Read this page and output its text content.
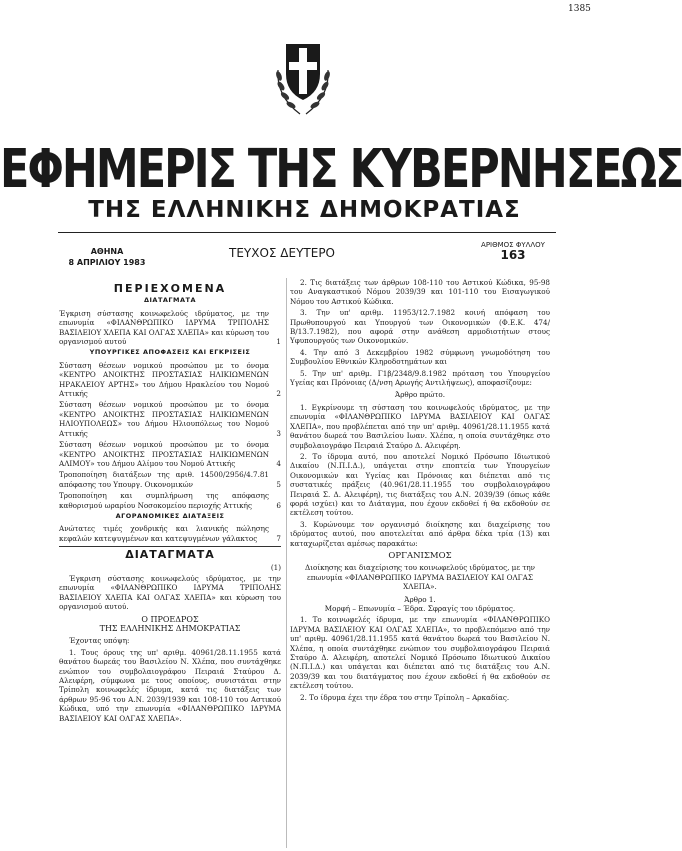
1385
ΕΦΗΜΕΡΙΣ ΤΗΣ ΚΥΒΕΡΝΗΣΕΩΣ
ΤΗΣ ΕΛΛΗΝΙΚΗΣ ΔΗΜΟΚΡΑΤΙΑΣ
ΑΘΗΝΑ
8 ΑΠΡΙΛΙΟΥ 1983
ΤΕΥΧΟΣ ΔΕΥΤΕΡΟ
ΑΡΙΘΜΟΣ ΦΥΛΛΟΥ
163
ΠΕΡΙΕΧΟΜΕΝΑ
ΔΙΑΤΑΓΜΑΤΑ
Έγκριση σύστασης κοινωφελούς ιδρύματος, με την επωνυμία «ΦΙΛΑΝΘΡΩΠΙΚΟ ΙΔΡΥΜΑ ΤΡΙΠΟΛΗΣ ΒΑΣΙΛΕΙΟΥ ΧΛΕΠΑ ΚΑΙ ΟΛΓΑΣ ΧΛΕΠΑ» και κύρωση του οργανισμού αυτού	1
ΥΠΟΥΡΓΙΚΕΣ ΑΠΟΦΑΣΕΙΣ ΚΑΙ ΕΓΚΡΙΣΕΙΣ
Σύσταση θέσεων νομικού προσώπου με το όνομα «ΚΕΝΤΡΟ ΑΝΟΙΚΤΗΣ ΠΡΟΣΤΑΣΙΑΣ ΗΛΙΚΙΩΜΕΝΩΝ ΗΡΑΚΛΕΙΟΥ ΑΡΤΗΣ» του Δήμου Ηρακλείου του Νομού Αττικής	2
Σύσταση θέσεων νομικού προσώπου με το όνομα «ΚΕΝΤΡΟ ΑΝΟΙΚΤΗΣ ΠΡΟΣΤΑΣΙΑΣ ΗΛΙΚΙΩΜΕΝΩΝ ΗΛΙΟΥΠΟΛΕΩΣ» του Δήμου Ηλιουπόλεως του Νομού Αττικής	3
Σύσταση θέσεων νομικού προσώπου με το όνομα «ΚΕΝΤΡΟ ΑΝΟΙΚΤΗΣ ΠΡΟΣΤΑΣΙΑΣ ΗΛΙΚΙΩΜΕΝΩΝ ΑΛΙΜΟΥ» του Δήμου Αλίμου του Νομού Αττικής	4
Τροποποίηση διατάξεων της αριθ. 14500/2956/4.7.81 απόφασης του Υπουργ. Οικονομικών	5
Τροποποίηση και συμπλήρωση της απόφασης καθορισμού ωραρίου Νοσοκομείου περιοχής Αττικής	6
ΑΓΟΡΑΝΟΜΙΚΕΣ ΔΙΑΤΑΞΕΙΣ
Ανώτατες τιμές χονδρικής και λιανικής πώλησης κεφαλών κατεψυγμένων και κατεψυγμένων γάλακτος	7
ΔΙΑΤΑΓΜΑΤΑ
(1)
Έγκριση σύστασης κοινωφελούς ιδρύματος, με την επωνυμία «ΦΙΛΑΝΘΡΩΠΙΚΟ ΙΔΡΥΜΑ ΤΡΙΠΟΛΗΣ ΒΑΣΙΛΕΙΟΥ ΧΛΕΠΑ ΚΑΙ ΟΛΓΑΣ ΧΛΕΠΑ» και κύρωση του οργανισμού αυτού.
Ο ΠΡΟΕΔΡΟΣ
ΤΗΣ ΕΛΛΗΝΙΚΗΣ ΔΗΜΟΚΡΑΤΙΑΣ
Έχοντας υπόψη:
1. Τους όρους της υπ' αριθμ. 40961/28.11.1955 κατά θανάτου δωρεάς του Βασιλείου Ν. Χλέπα, που συντάχθηκε ενώπιον του συμβολαιογράφου Πειραιά Σταύρου Δ. Αλειφέρη, σύμφωνα με τους οποίους, συνιστάται στην Τρίπολη κοινωφελές ίδρυμα, κατά τις διατάξεις των άρθρων 95-96 του Α.Ν. 2039/1939 και 108-110 του Αστικού Κώδικα, υπό την επωνυμία «ΦΙΛΑΝΘΡΩΠΙΚΟ ΙΔΡΥΜΑ ΒΑΣΙΛΕΙΟΥ ΚΑΙ ΟΛΓΑΣ ΧΛΕΠΑ».
2. Τις διατάξεις των άρθρων 108-110 του Αστικού Κώδικα, 95-98 του Αναγκαστικού Νόμου 2039/39 και 101-110 του Εισαγωγικού Νόμου του Αστικού Κώδικα.
3. Την υπ' αριθμ. 11953/12.7.1982 κοινή απόφαση του Πρωθυπουργού και Υπουργού των Οικονομικών (Φ.Ε.Κ. 474/Β/13.7.1982), που αφορά στην ανάθεση αρμοδιοτήτων στους Υφυπουργούς των Οικονομικών.
4. Την από 3 Δεκεμβρίου 1982 σύμφωνη γνωμοδότηση του Συμβουλίου Εθνικών Κληροδοτημάτων και
5. Την υπ' αριθμ. Γ1β/2348/9.8.1982 πρόταση του Υπουργείου Υγείας και Πρόνοιας (Δ/νση Αρωγής Αντιλήψεως), αποφασίζουμε:
Άρθρο πρώτο.
1. Εγκρίνουμε τη σύσταση του κοινωφελούς ιδρύματος, με την επωνυμία «ΦΙΛΑΝΘΡΩΠΙΚΟ ΙΔΡΥΜΑ ΒΑΣΙΛΕΙΟΥ ΚΑΙ ΟΛΓΑΣ ΧΛΕΠΑ», που προβλέπεται από την υπ' αριθμ. 40961/28.11.1955 κατά θανάτου δωρεά του Βασιλείου Ιωαν. Χλέπα, η οποία συντάχθηκε στο συμβολαιογράφο Πειραιά Σταύρο Δ. Αλειφέρη.
2. Το ίδρυμα αυτό, που αποτελεί Νομικό Πρόσωπο Ιδιωτικού Δικαίου (Ν.Π.Ι.Δ.), υπάγεται στην εποπτεία των Υπουργείων Οικονομικών και Υγείας και Πρόνοιας και διέπεται από τις συστατικές πράξεις (40.961/28.11.1955 του συμβολαιογράφου Πειραιά Σ. Δ. Αλειφέρη), τις διατάξεις του Α.Ν. 2039/39 (όπως κάθε φορά ισχύει) και το Διάταγμα, που έχουν εκδοθεί ή θα εκδοθούν σε εκτέλεση τούτου.
3. Κυρώνουμε τον οργανισμό διοίκησης και διαχείρισης του ιδρύματος αυτού, που αποτελείται από άρθρα δέκα τρία (13) και καταχωρίζεται αμέσως παρακάτω:
ΟΡΓΑΝΙΣΜΟΣ
Διοίκησης και διαχείρισης του κοινωφελούς ιδρύματος, με την επωνυμία «ΦΙΛΑΝΘΡΩΠΙΚΟ ΙΔΡΥΜΑ ΒΑΣΙΛΕΙΟΥ ΚΑΙ ΟΛΓΑΣ ΧΛΕΠΑ».
Άρθρο 1.
Μορφή – Επωνυμία – Έδρα. Σφραγίς του ιδρύματος.
1. Το κοινωφελές ίδρυμα, με την επωνυμία «ΦΙΛΑΝΘΡΩΠΙΚΟ ΙΔΡΥΜΑ ΒΑΣΙΛΕΙΟΥ ΚΑΙ ΟΛΓΑΣ ΧΛΕΠΑ», το προβλεπόμενο από την υπ' αριθμ. 40961/28.11.1955 κατά θανάτου δωρεά του Βασιλείου Ν. Χλέπα, η οποία συντάχθηκε ενώπιον του συμβολαιογράφου Πειραιά Σταύρο Δ. Αλειφέρη, αποτελεί Νομικό Πρόσωπο Ιδιωτικού Δικαίου (Ν.Π.Ι.Δ.) και υπάγεται και διέπεται από τις διατάξεις του Α.Ν. 2039/39 και του διατάγματος που έχουν εκδοθεί ή θα εκδοθούν σε εκτέλεση τούτου.
2. Το ίδρυμα έχει την έδρα του στην Τρίπολη – Αρκαδίας.
